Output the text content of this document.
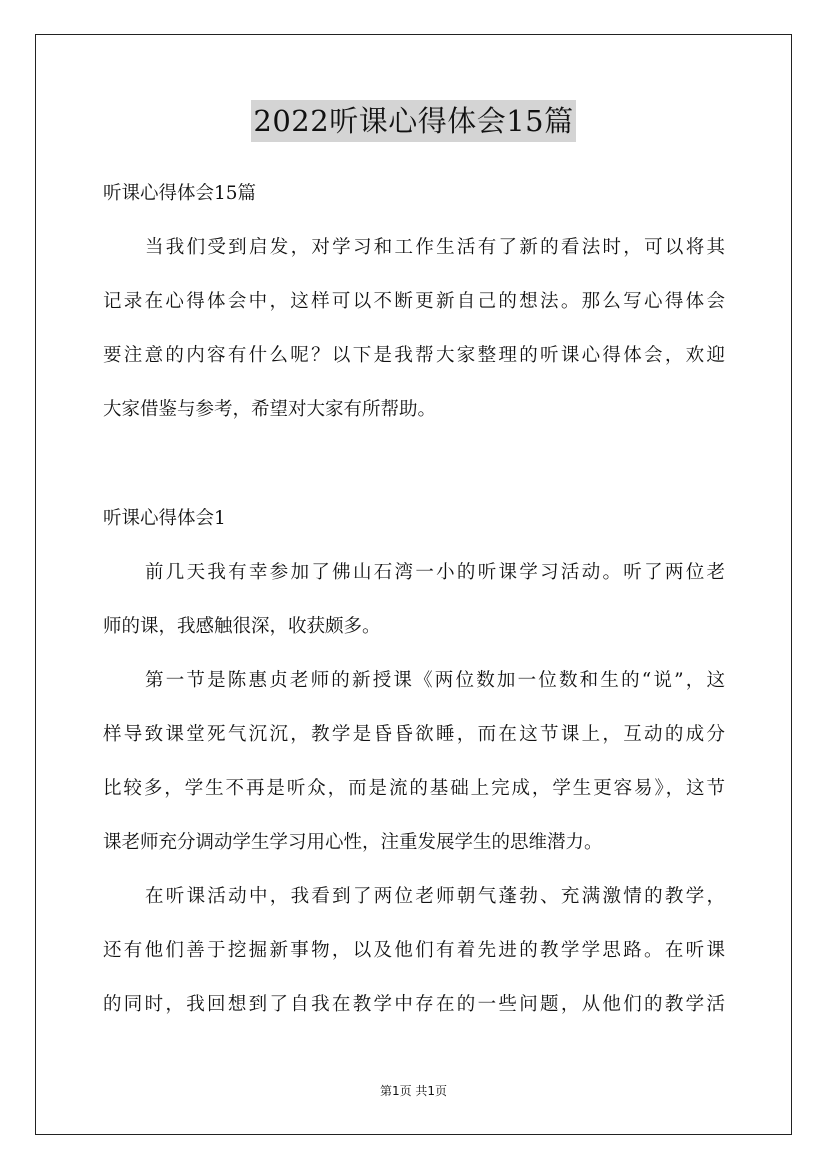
2022听课心得体会15篇
听课心得体会15篇
当我们受到启发，对学习和工作生活有了新的看法时，可以将其
记录在心得体会中，这样可以不断更新自己的想法。那么写心得体会
要注意的内容有什么呢？以下是我帮大家整理的听课心得体会，欢迎
大家借鉴与参考，希望对大家有所帮助。
听课心得体会1
前几天我有幸参加了佛山石湾一小的听课学习活动。听了两位老
师的课，我感触很深，收获颇多。
第一节是陈惠贞老师的新授课《两位数加一位数和生的“说”，这
样导致课堂死气沉沉，教学是昏昏欲睡，而在这节课上，互动的成分
比较多，学生不再是听众，而是流的基础上完成，学生更容易》，这节
课老师充分调动学生学习用心性，注重发展学生的思维潜力。
在听课活动中，我看到了两位老师朝气蓬勃、充满激情的教学，
还有他们善于挖掘新事物，以及他们有着先进的教学学思路。在听课
的同时，我回想到了自我在教学中存在的一些问题，从他们的教学活
第1页 共1页
